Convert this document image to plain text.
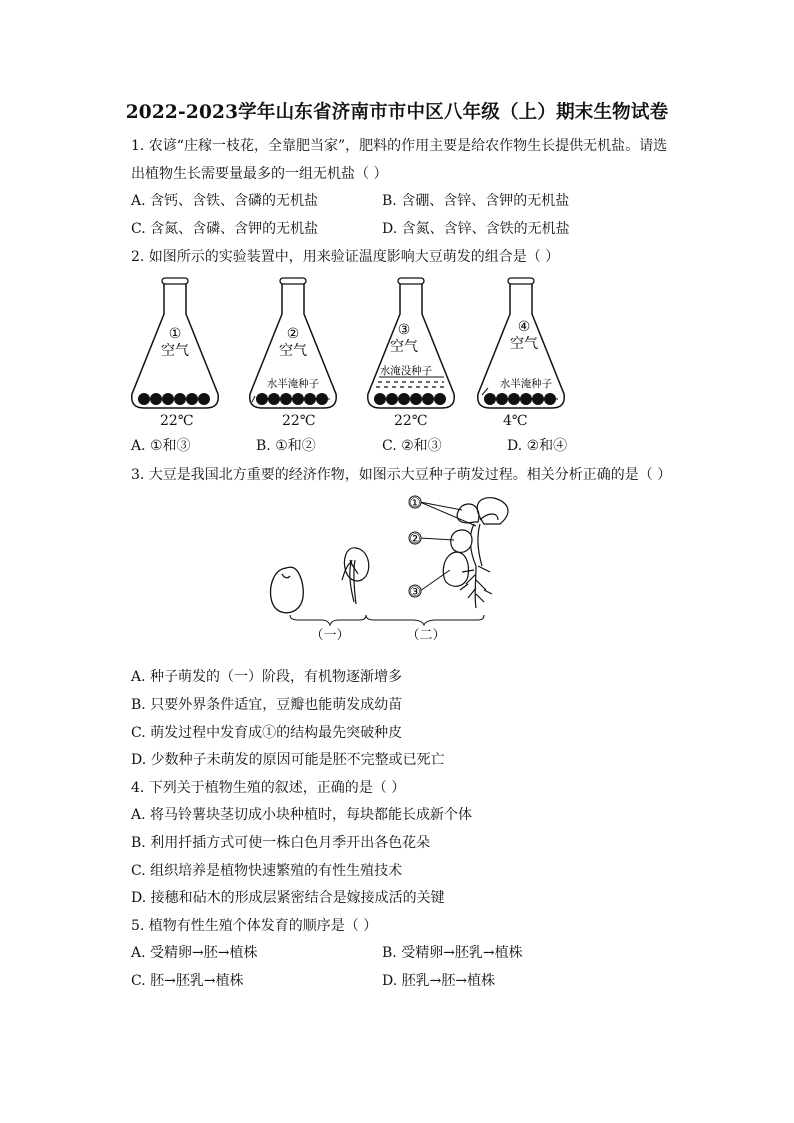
2022-2023学年山东省济南市市中区八年级（上）期末生物试卷
1. 农谚“庄稼一枝花，全靠肥当家”，肥料的作用主要是给农作物生长提供无机盐。请选
出植物生长需要量最多的一组无机盐（ ）
A. 含钙、含铁、含磷的无机盐	B. 含硼、含锌、含钾的无机盐
C. 含氮、含磷、含钾的无机盐	D. 含氮、含锌、含铁的无机盐
2. 如图所示的实验装置中，用来验证温度影响大豆萌发的组合是（ ）
①
空气
②
空气
水半淹种子
③
空气
水淹没种子
④
空气
水半淹种子
22℃	22℃	22℃	4℃
A. ①和③	B. ①和②	C. ②和③	D. ②和④
3. 大豆是我国北方重要的经济作物，如图示大豆种子萌发过程。相关分析正确的是（ ）
①
②
③
（一）	（二）
A. 种子萌发的（一）阶段，有机物逐渐增多
B. 只要外界条件适宜，豆瓣也能萌发成幼苗
C. 萌发过程中发育成①的结构最先突破种皮
D. 少数种子未萌发的原因可能是胚不完整或已死亡
4. 下列关于植物生殖的叙述，正确的是（ ）
A. 将马铃薯块茎切成小块种植时，每块都能长成新个体
B. 利用扦插方式可使一株白色月季开出各色花朵
C. 组织培养是植物快速繁殖的有性生殖技术
D. 接穗和砧木的形成层紧密结合是嫁接成活的关键
5. 植物有性生殖个体发育的顺序是（ ）
A. 受精卵→胚→植株	B. 受精卵→胚乳→植株
C. 胚→胚乳→植株	D. 胚乳→胚→植株
